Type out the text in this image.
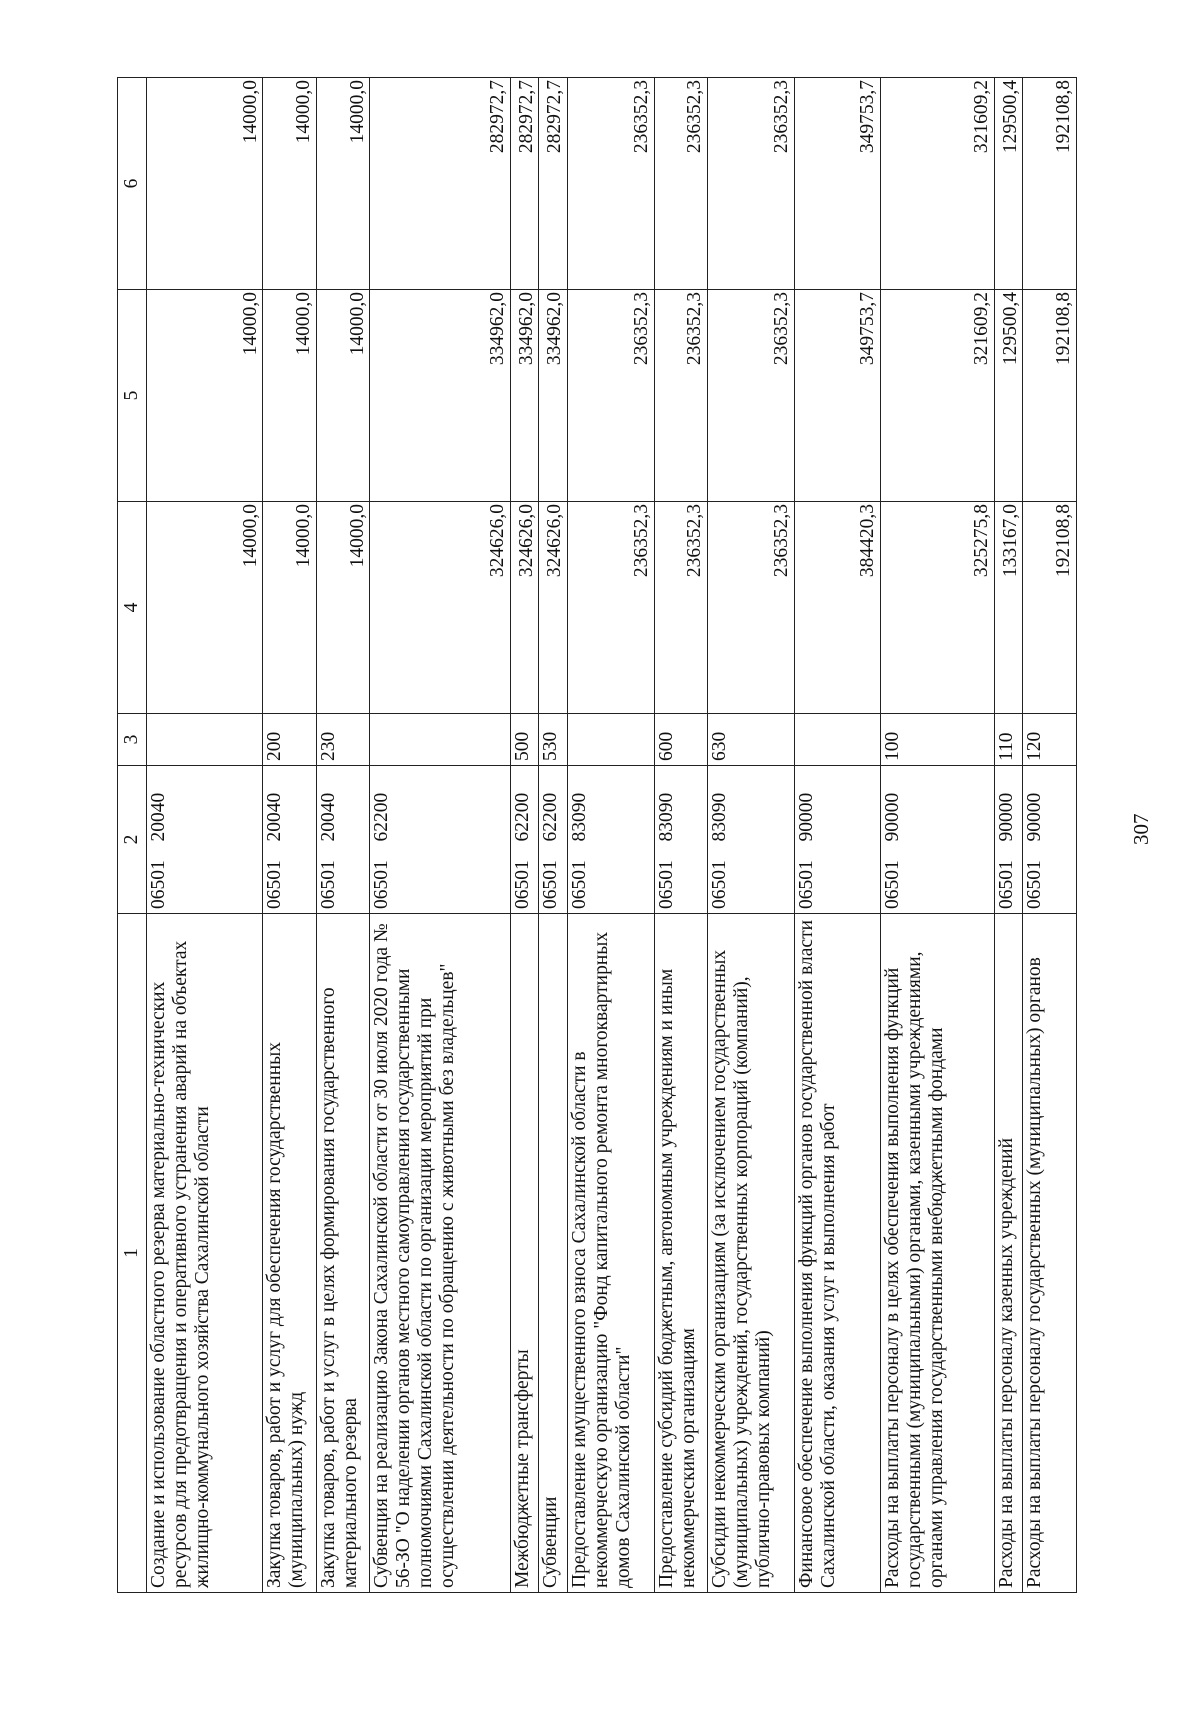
307
1	2		3	4	5	6
Создание и использование областного резерва материально-технических ресурсов для предотвращения и оперативного устранения аварий на объектах жилищно-коммунального хозяйства Сахалинской области	06501	20040		14000,0	14000,0	14000,0
Закупка товаров, работ и услуг для обеспечения государственных (муниципальных) нужд	06501	20040	200	14000,0	14000,0	14000,0
Закупка товаров, работ и услуг в целях формирования государственного материального резерва	06501	20040	230	14000,0	14000,0	14000,0
Субвенция на реализацию Закона Сахалинской области от 30 июля 2020 года № 56-ЗО "О наделении органов местного самоуправления государственными полномочиями Сахалинской области по организации мероприятий при осуществлении деятельности по обращению с животными без владельцев"	06501	62200		324626,0	334962,0	282972,7
Межбюджетные трансферты	06501	62200	500	324626,0	334962,0	282972,7
Субвенции	06501	62200	530	324626,0	334962,0	282972,7
Предоставление имущественного взноса Сахалинской области в некоммерческую организацию "Фонд капитального ремонта многоквартирных домов Сахалинской области"	06501	83090		236352,3	236352,3	236352,3
Предоставление субсидий бюджетным, автономным учреждениям и иным некоммерческим организациям	06501	83090	600	236352,3	236352,3	236352,3
Субсидии некоммерческим организациям (за исключением государственных (муниципальных) учреждений, государственных корпораций (компаний), публично-правовых компаний)	06501	83090	630	236352,3	236352,3	236352,3
Финансовое обеспечение выполнения функций органов государственной власти Сахалинской области, оказания услуг и выполнения работ	06501	90000		384420,3	349753,7	349753,7
Расходы на выплаты персоналу в целях обеспечения выполнения функций государственными (муниципальными) органами, казенными учреждениями, органами управления государственными внебюджетными фондами	06501	90000	100	325275,8	321609,2	321609,2
Расходы на выплаты персоналу казенных учреждений	06501	90000	110	133167,0	129500,4	129500,4
Расходы на выплаты персоналу государственных (муниципальных) органов	06501	90000	120	192108,8	192108,8	192108,8
